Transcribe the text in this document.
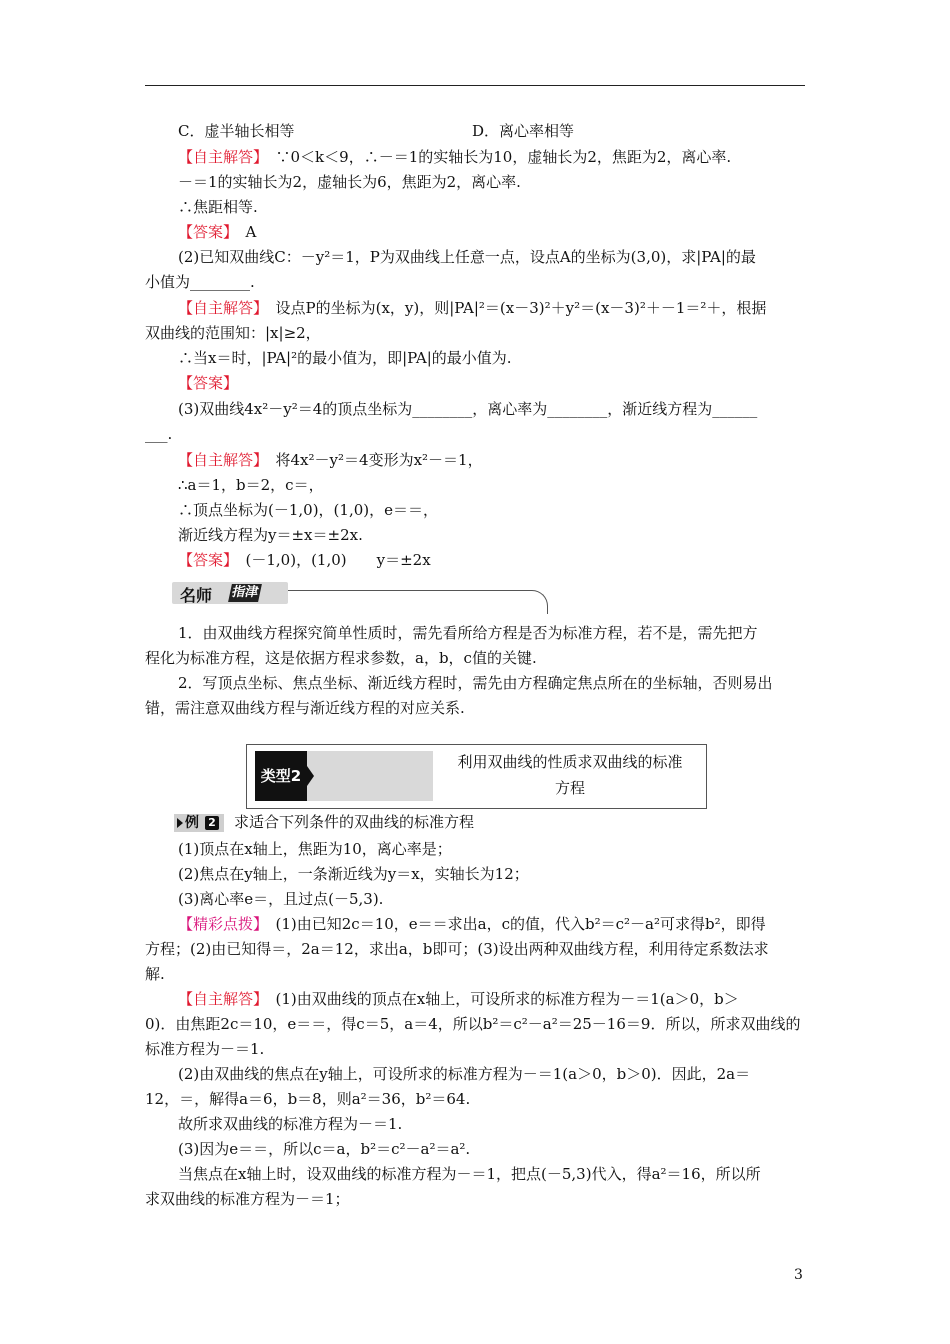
C．虚半轴长相等
【自主解答】　∵0＜k＜9，∴－＝1的实轴长为10，虚轴长为2，焦距为2，离心率.
－＝1的实轴长为2，虚轴长为6，焦距为2，离心率.
∴焦距相等.
【答案】　A
(2)已知双曲线C：－y²＝1，P为双曲线上任意一点，设点A的坐标为(3,0)，求|PA|的最
小值为________.
【自主解答】　设点P的坐标为(x，y)，则|PA|²＝(x－3)²＋y²＝(x－3)²＋－1＝²＋，根据
双曲线的范围知：|x|≥2，
∴当x＝时，|PA|²的最小值为，即|PA|的最小值为.
【答案】
(3)双曲线4x²－y²＝4的顶点坐标为________，离心率为________，渐近线方程为______
___.
【自主解答】　将4x²－y²＝4变形为x²－＝1，
∴a＝1，b＝2，c＝，
∴顶点坐标为(－1,0)，(1,0)，e＝＝，
渐近线方程为y＝±x＝±2x.
【答案】　(－1,0)，(1,0)　　y＝±2x
1．由双曲线方程探究简单性质时，需先看所给方程是否为标准方程，若不是，需先把方
程化为标准方程，这是依据方程求参数，a，b，c值的关键.
2．写顶点坐标、焦点坐标、渐近线方程时，需先由方程确定焦点所在的坐标轴，否则易出
错，需注意双曲线方程与渐近线方程的对应关系.
(1)顶点在x轴上，焦距为10，离心率是；
(2)焦点在y轴上，一条渐近线为y＝x，实轴长为12；
(3)离心率e＝，且过点(－5,3).
【精彩点拨】　(1)由已知2c＝10，e＝＝求出a，c的值，代入b²＝c²－a²可求得b²，即得
方程；(2)由已知得＝，2a＝12，求出a，b即可；(3)设出两种双曲线方程，利用待定系数法求
解.
【自主解答】　(1)由双曲线的顶点在x轴上，可设所求的标准方程为－＝1(a＞0，b＞
0)．由焦距2c＝10，e＝＝，得c＝5，a＝4，所以b²＝c²－a²＝25－16＝9．所以，所求双曲线的
标准方程为－＝1.
(2)由双曲线的焦点在y轴上，可设所求的标准方程为－＝1(a＞0，b＞0)．因此，2a＝
12，＝，解得a＝6，b＝8，则a²＝36，b²＝64.
故所求双曲线的标准方程为－＝1.
(3)因为e＝＝，所以c＝a，b²＝c²－a²＝a².
当焦点在x轴上时，设双曲线的标准方程为－＝1，把点(－5,3)代入，得a²＝16，所以所
求双曲线的标准方程为－＝1；
D．离心率相等
名师 指津
类型2
利用双曲线的性质求双曲线的标准
方程
例 2 求适合下列条件的双曲线的标准方程
3
